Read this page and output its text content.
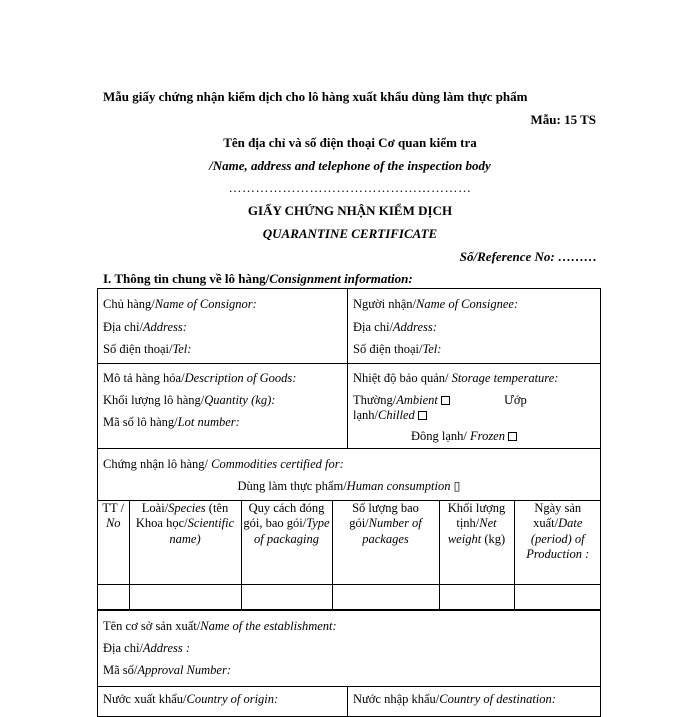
Mẫu giấy chứng nhận kiểm dịch cho lô hàng xuất khẩu dùng làm thực phẩm
Mẫu: 15 TS
Tên địa chỉ và số điện thoại Cơ quan kiểm tra
/Name, address and telephone of the inspection body
………………………………………………
GIẤY CHỨNG NHẬN KIỂM DỊCH
QUARANTINE CERTIFICATE
Số/Reference No: ………
I. Thông tin chung về lô hàng/Consignment information:
Chủ hàng/Name of Consignor:
Địa chỉ/Address:
Số điện thoại/Tel:

Người nhận/Name of Consignee:
Địa chỉ/Address:
Số điện thoại/Tel:

Mô tả hàng hóa/Description of Goods:
Khối lượng lô hàng/Quantity (kg):
Mã số lô hàng/Lot number:

Nhiệt độ bảo quản/ Storage temperature:
Thường/Ambient	Ướp
lạnh/Chilled
Đông lạnh/ Frozen

Chứng nhận lô hàng/ Commodities certified for:
Dùng làm thực phẩm/Human consumption ▯
TT / No	Loài/Species (tên Khoa học/Scientific name)	Quy cách đóng gói, bao gói/Type of packaging	Số lượng bao gói/Number of packages	Khối lượng tịnh/Net weight (kg)	Ngày sản xuất/Date (period) of Production :

Tên cơ sở sản xuất/Name of the establishment:
Địa chỉ/Address :
Mã số/Approval Number:

Nước xuất khẩu/Country of origin:	Nước nhập khẩu/Country of destination:
